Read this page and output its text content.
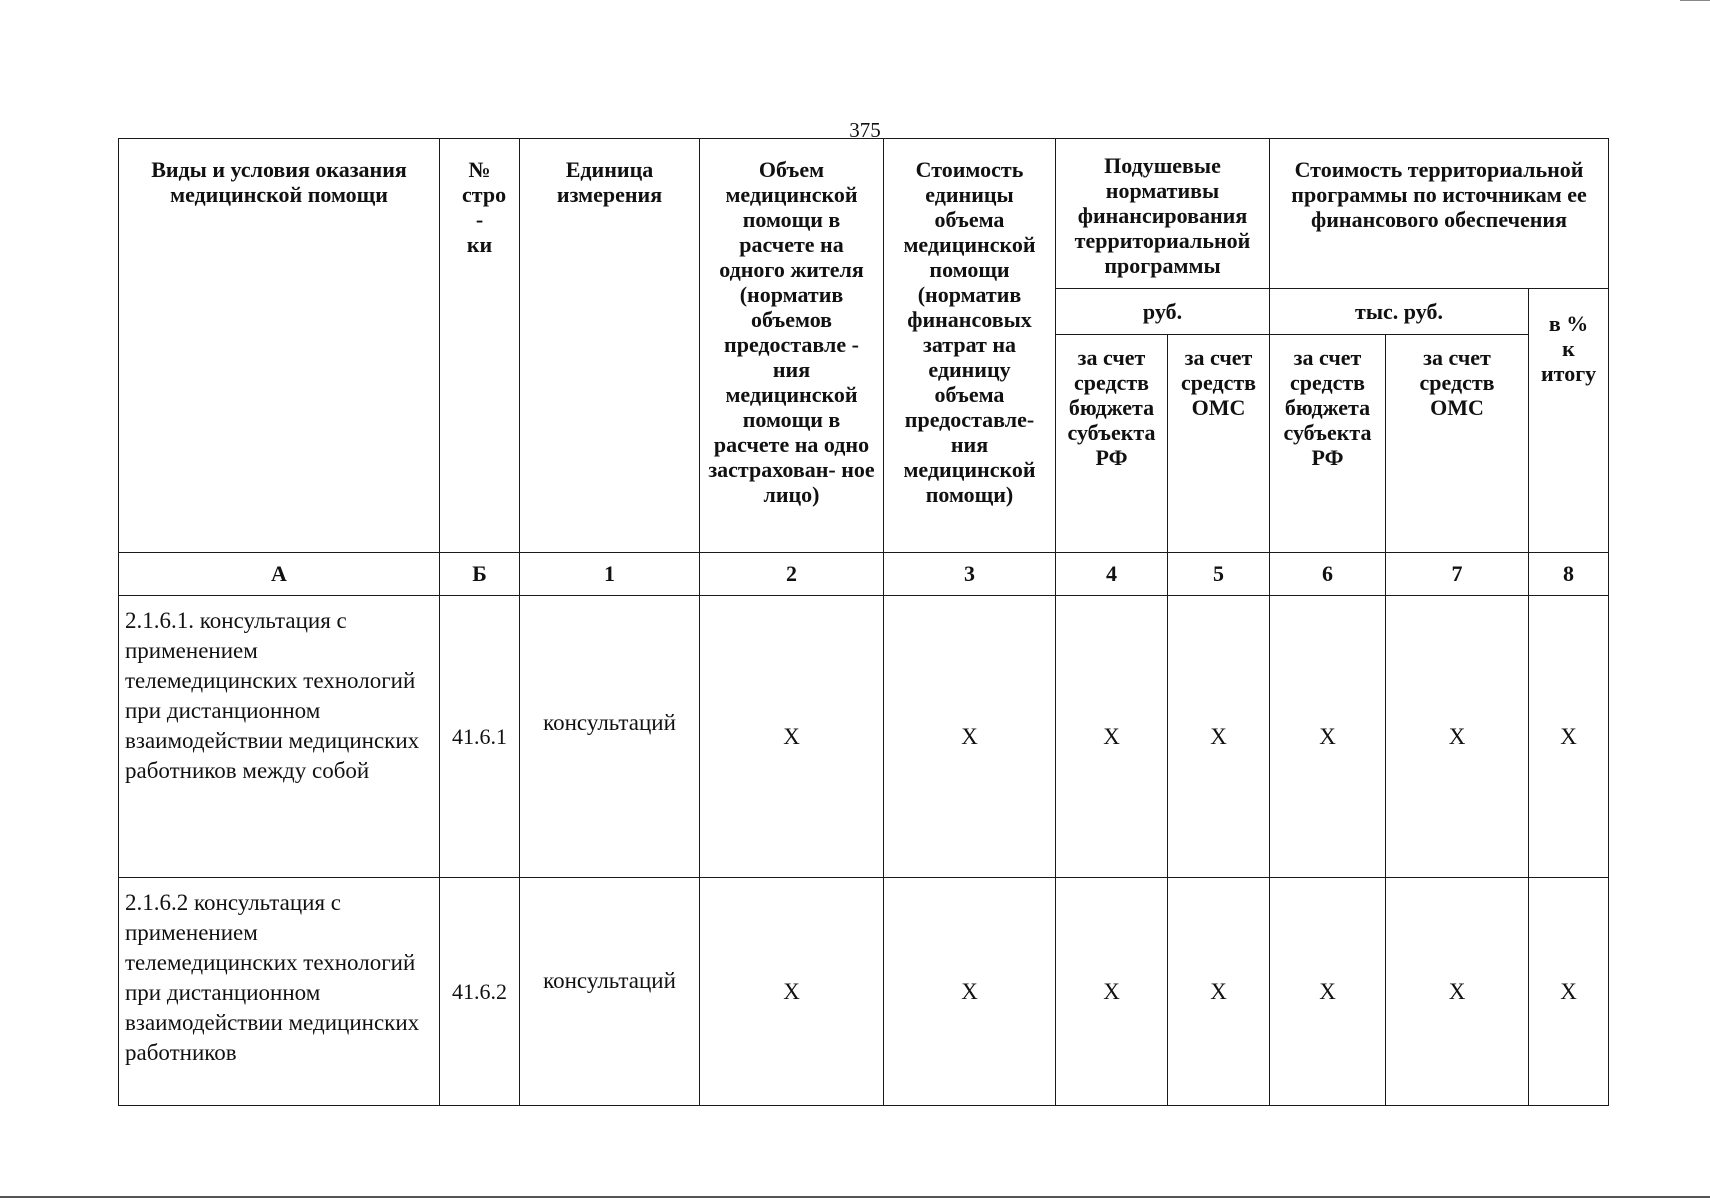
375
Виды и условия оказания медицинской помощи	№ стро - ки	Единица измерения	Объем медицинской помощи в расчете на одного жителя (норматив объемов предоставле - ния медицинской помощи в расчете на одно застрахован- ное лицо)	Стоимость единицы объема медицинской помощи (норматив финансовых затрат на единицу объема предоставле- ния медицинской помощи)	Подушевые нормативы финансирования территориальной программы		Стоимость территориальной программы по источникам ее финансового обеспечения		
					руб.		тыс. руб.		в % к итогу
					за счет средств бюджета субъекта РФ	за счет средств ОМС	за счет средств бюджета субъекта РФ	за счет средств ОМС	
А	Б	1	2	3	4	5	6	7	8
2.1.6.1. консультация с применением телемедицинских технологий при дистанционном взаимодействии медицинских работников между собой	41.6.1	консультаций	X	X	X	X	X	X	X
2.1.6.2 консультация с применением телемедицинских технологий при дистанционном взаимодействии медицинских работников	41.6.2	консультаций	X	X	X	X	X	X	X
